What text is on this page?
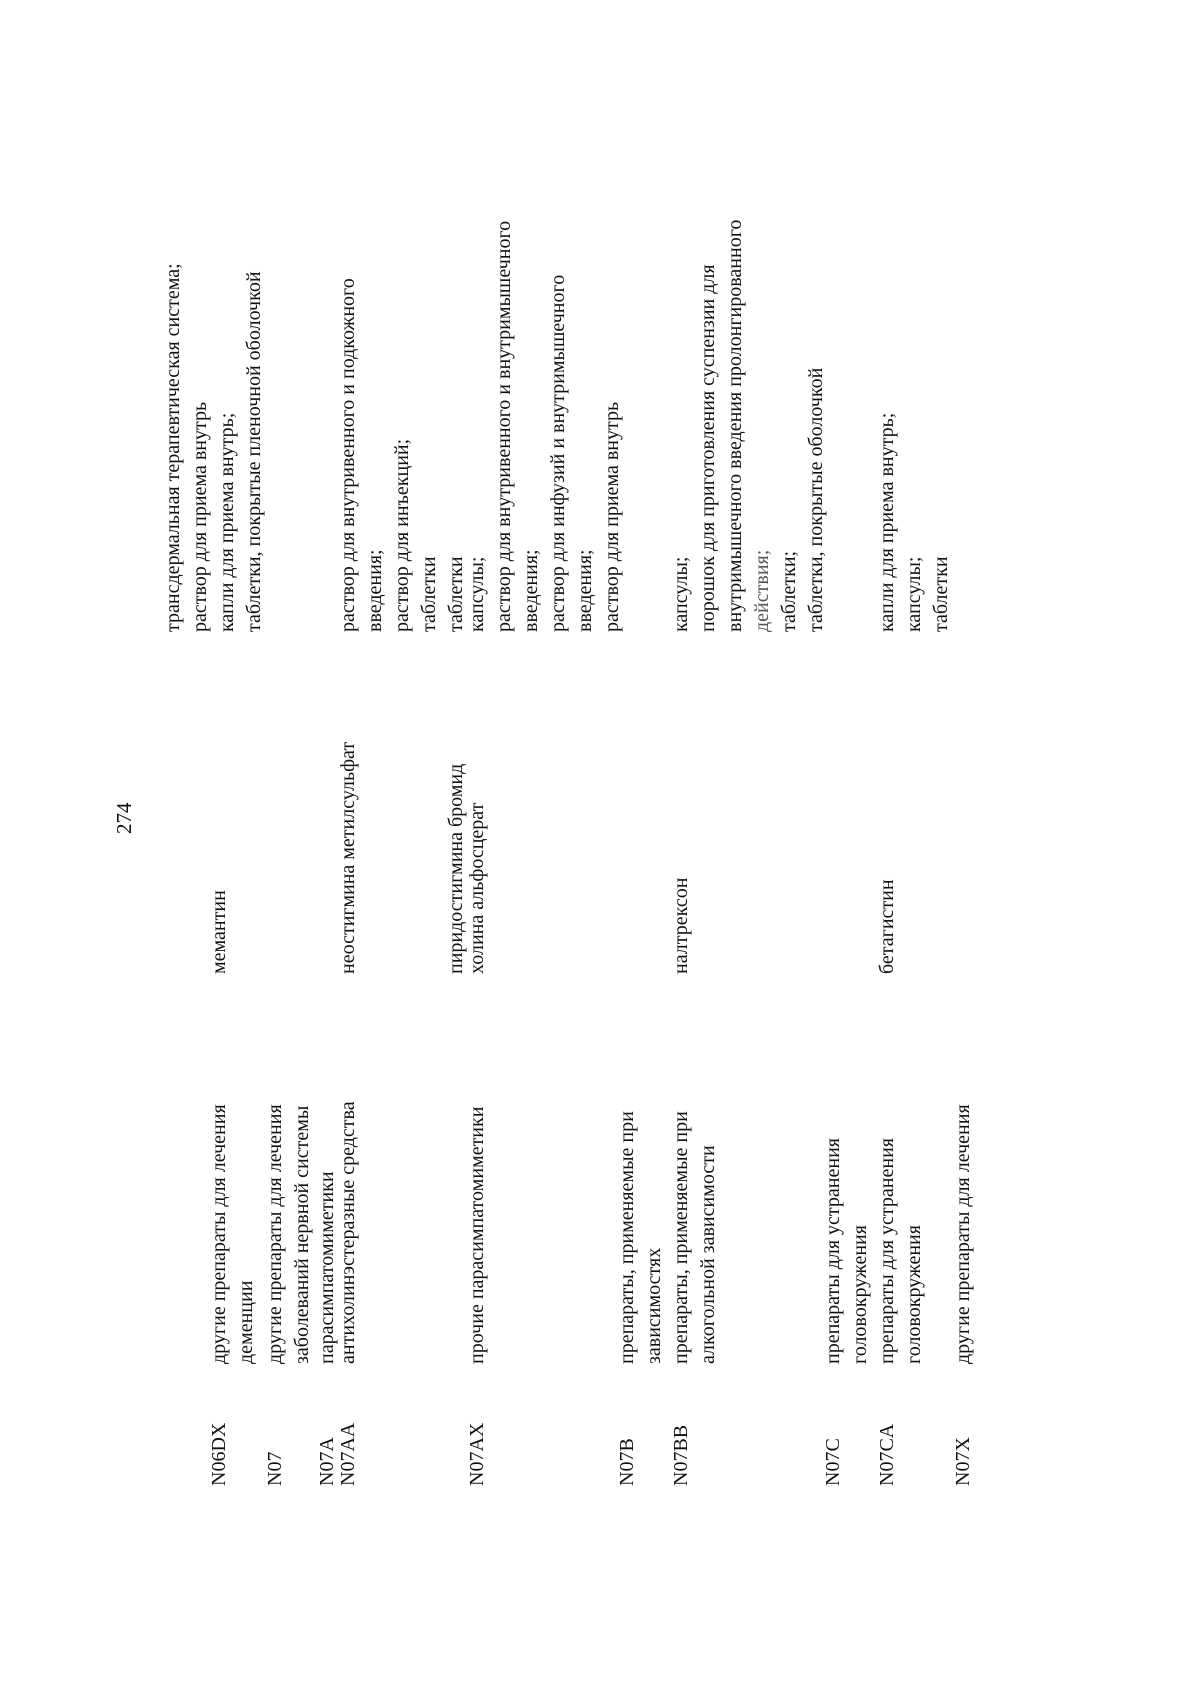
274
N06DX
другие препараты для лечения деменции
мемантин
трансдермальная терапевтическая система; раствор для приема внутрь капли для приема внутрь; таблетки, покрытые пленочной оболочкой
N07
другие препараты для лечения заболеваний нервной системы
N07A N07AA
парасимпатомиметики антихолинэстеразные средства
неостигмина метилсульфат
раствор для внутривенного и подкожного введения; раствор для инъекций; таблетки
пиридостигмина бромид
таблетки
N07AX
прочие парасимпатомиметики
холина альфосцерат
капсулы; раствор для внутривенного и внутримышечного введения; раствор для инфузий и внутримышечного введения; раствор для приема внутрь
N07B
препараты, применяемые при зависимостях
N07BB
препараты, применяемые при алкогольной зависимости
налтрексон
капсулы; порошок для приготовления суспензии для внутримышечного введения пролонгированного действия; таблетки; таблетки, покрытые оболочкой
N07C
препараты для устранения головокружения
N07CA
препараты для устранения головокружения
бетагистин
капли для приема внутрь; капсулы; таблетки
N07X
другие препараты для лечения
